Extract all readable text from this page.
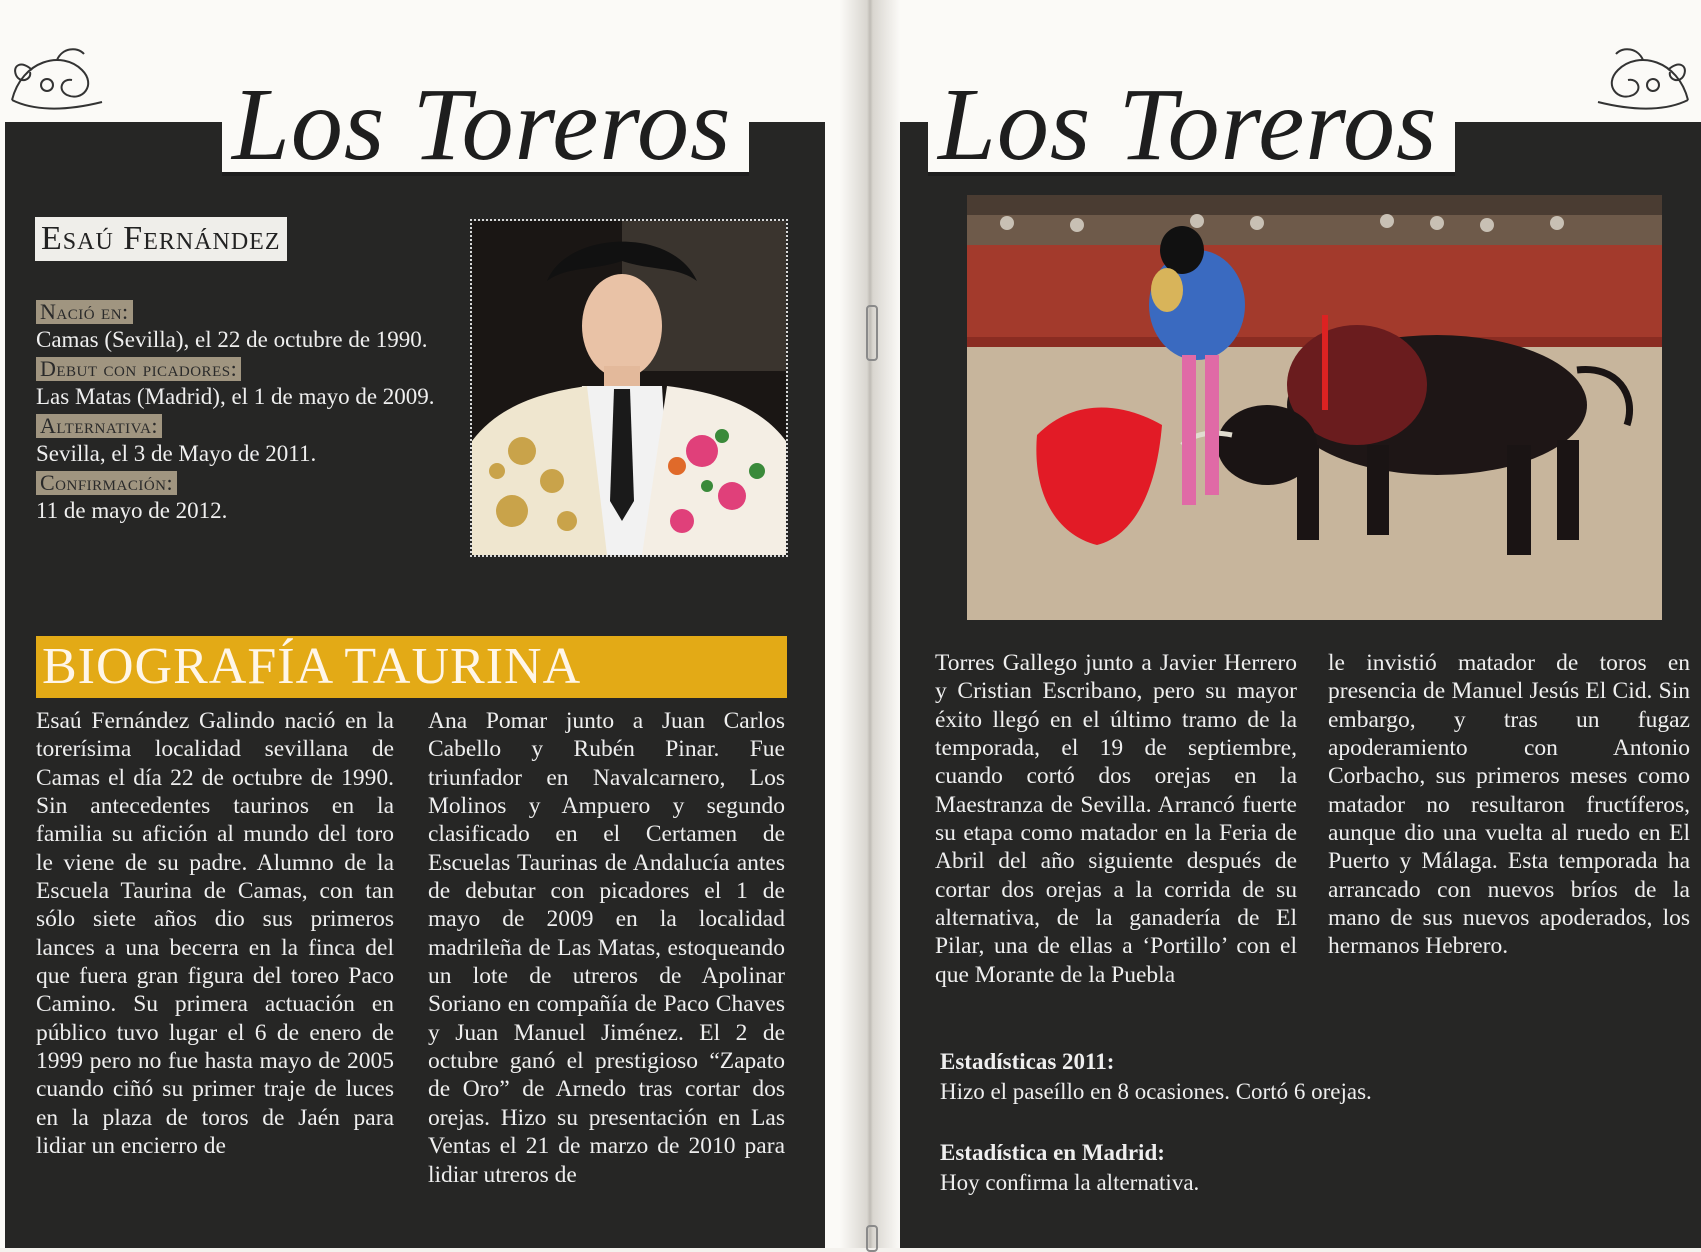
Los Toreros
Esaú Fernández
Nació en:
Camas (Sevilla), el 22 de octubre de 1990.
Debut con picadores:
Las Matas (Madrid), el 1 de mayo de 2009.
Alternativa:
Sevilla, el 3 de Mayo de 2011.
Confirmación:
11 de mayo de 2012.
BIOGRAFÍA TAURINA
Esaú Fernández Galindo nació en la torerísima localidad sevillana de Camas el día 22 de octubre de 1990. Sin antecedentes taurinos en la familia su afición al mundo del toro le viene de su padre. Alumno de la Escuela Taurina de Camas, con tan sólo siete años dio sus primeros lances a una becerra en la finca del que fuera gran figura del toreo Paco Camino. Su primera actuación en público tuvo lugar el 6 de enero de 1999 pero no fue hasta mayo de 2005 cuando ciñó su primer traje de luces en la plaza de toros de Jaén para lidiar un encierro de
Ana Pomar junto a Juan Carlos Cabello y Rubén Pinar. Fue triunfador en Navalcarnero, Los Molinos y Ampuero y segundo clasificado en el Certamen de Escuelas Taurinas de Andalucía antes de debutar con picadores el 1 de mayo de 2009 en la localidad madrileña de Las Matas, estoqueando un lote de utreros de Apolinar Soriano en compañía de Paco Chaves y Juan Manuel Jiménez. El 2 de octubre ganó el prestigioso “Zapato de Oro” de Arnedo tras cortar dos orejas. Hizo su presentación en Las Ventas el 21 de marzo de 2010 para lidiar utreros de
Los Toreros
Torres Gallego junto a Javier Herrero y Cristian Escribano, pero su mayor éxito llegó en el último tramo de la temporada, el 19 de septiembre, cuando cortó dos orejas en la Maestranza de Sevilla. Arrancó fuerte su etapa como matador en la Feria de Abril del año siguiente después de cortar dos orejas a la corrida de su alternativa, de la ganadería de El Pilar, una de ellas a ‘Portillo’ con el que Morante de la Puebla
le invistió matador de toros en presencia de Manuel Jesús El Cid. Sin embargo, y tras un fugaz apoderamiento con Antonio Corbacho, sus primeros meses como matador no resultaron fructíferos, aunque dio una vuelta al ruedo en El Puerto y Málaga. Esta temporada ha arrancado con nuevos bríos de la mano de sus nuevos apoderados, los hermanos Hebrero.
Estadísticas 2011:
Hizo el paseíllo en 8 ocasiones. Cortó 6 orejas.
Estadística en Madrid:
Hoy confirma la alternativa.
